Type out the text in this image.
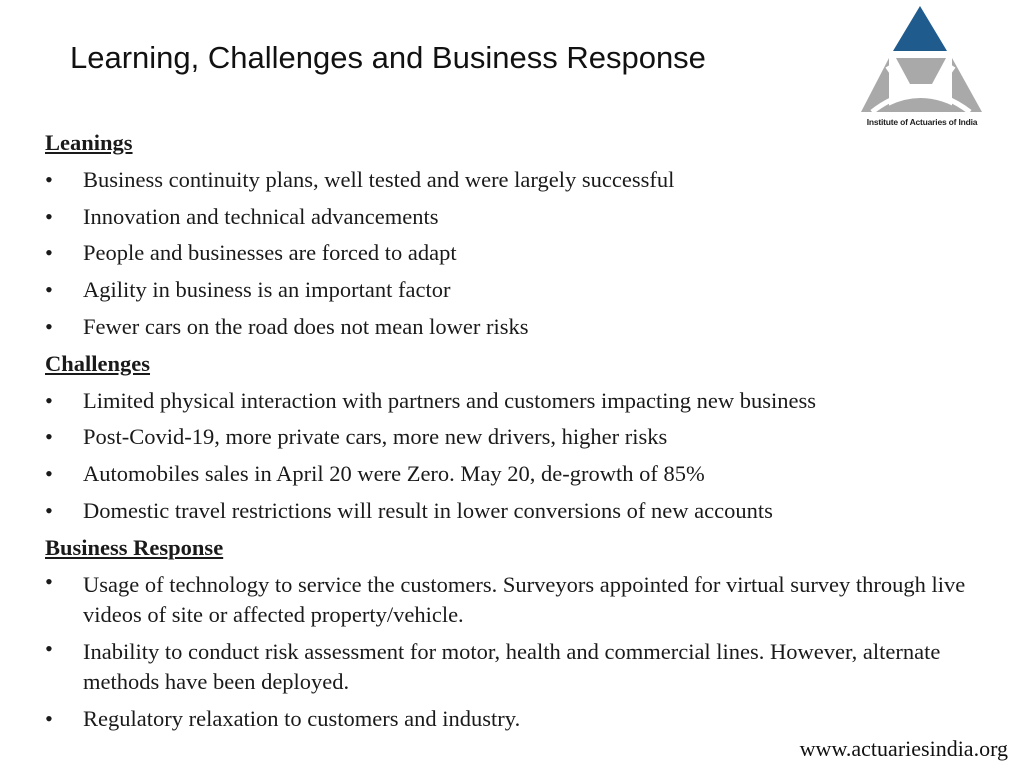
Learning, Challenges and Business Response
Institute of Actuaries of India
Leanings
• Business continuity plans, well tested and were largely successful
• Innovation and technical advancements
• People and businesses are forced to adapt
• Agility in business is an important factor
• Fewer cars on the road does not mean lower risks
Challenges
• Limited physical interaction with partners and customers impacting new business
• Post-Covid-19, more private cars, more new drivers, higher risks
• Automobiles sales in April 20 were Zero. May 20, de-growth of 85%
• Domestic travel restrictions will result in lower conversions of new accounts
Business Response
• Usage of technology to service the customers. Surveyors appointed for virtual survey through live videos of site or affected property/vehicle.
• Inability to conduct risk assessment for motor, health and commercial lines. However, alternate methods have been deployed.
• Regulatory relaxation to customers and industry.
www.actuariesindia.org
